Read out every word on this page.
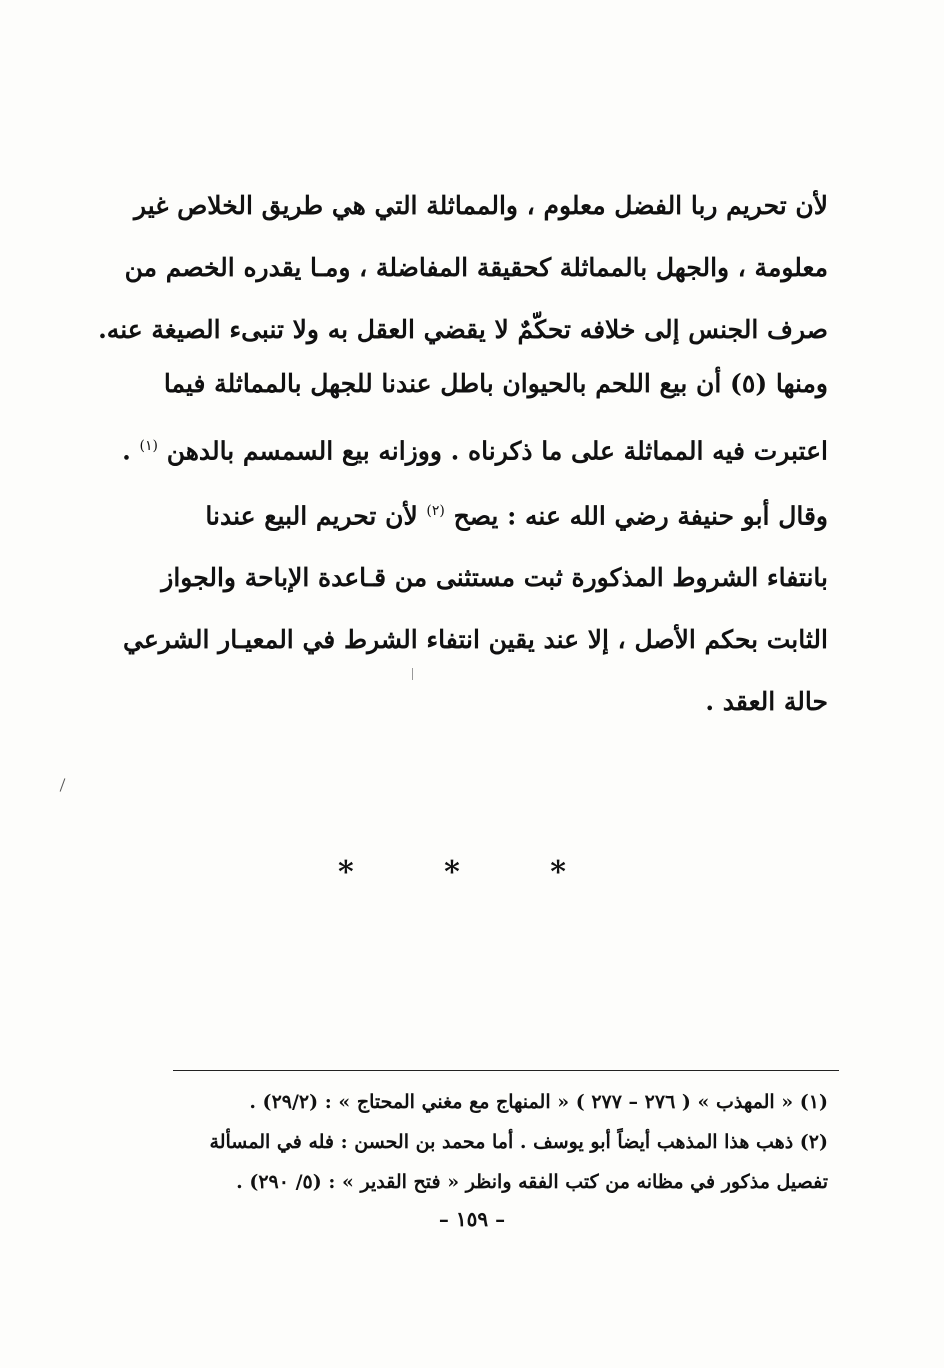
لأن تحريم ربا الفضل معلوم ، والمماثلة التي هي طريق الخلاص غير
معلومة ، والجهل بالمماثلة كحقيقة المفاضلة ، ومـا يقدره الخصم من
صرف الجنس إلى خلافه تحكّمٌ لا يقضي العقل به ولا تنبىء الصيغة عنه.
ومنها (٥) أن بيع اللحم بالحيوان باطل عندنا للجهل بالمماثلة فيما
اعتبرت فيه المماثلة على ما ذكرناه . ووزانه بيع السمسم بالدهن $^{(١)}$ .
وقال أبو حنيفة رضي الله عنه : يصح $^{(٢)}$ لأن تحريم البيع عندنا
بانتفاء الشروط المذكورة ثبت مستثنى من قـاعدة الإباحة والجواز
الثابت بحكم الأصل ، إلا عند يقين انتفاء الشرط في المعيـار الشرعي
حالة العقد .
* * *
(١) « المهذب » ( ٢٧٦ – ٢٧٧ ) « المنهاج مع مغني المحتاج » : (٢٩/٢) .
(٢) ذهب هذا المذهب أيضاً أبو يوسف . أما محمد بن الحسن : فله في المسألة
تفصيل مذكور في مظانه من كتب الفقه وانظر « فتح القدير » : (٥/ ٢٩٠) .
– ١٥٩ –
